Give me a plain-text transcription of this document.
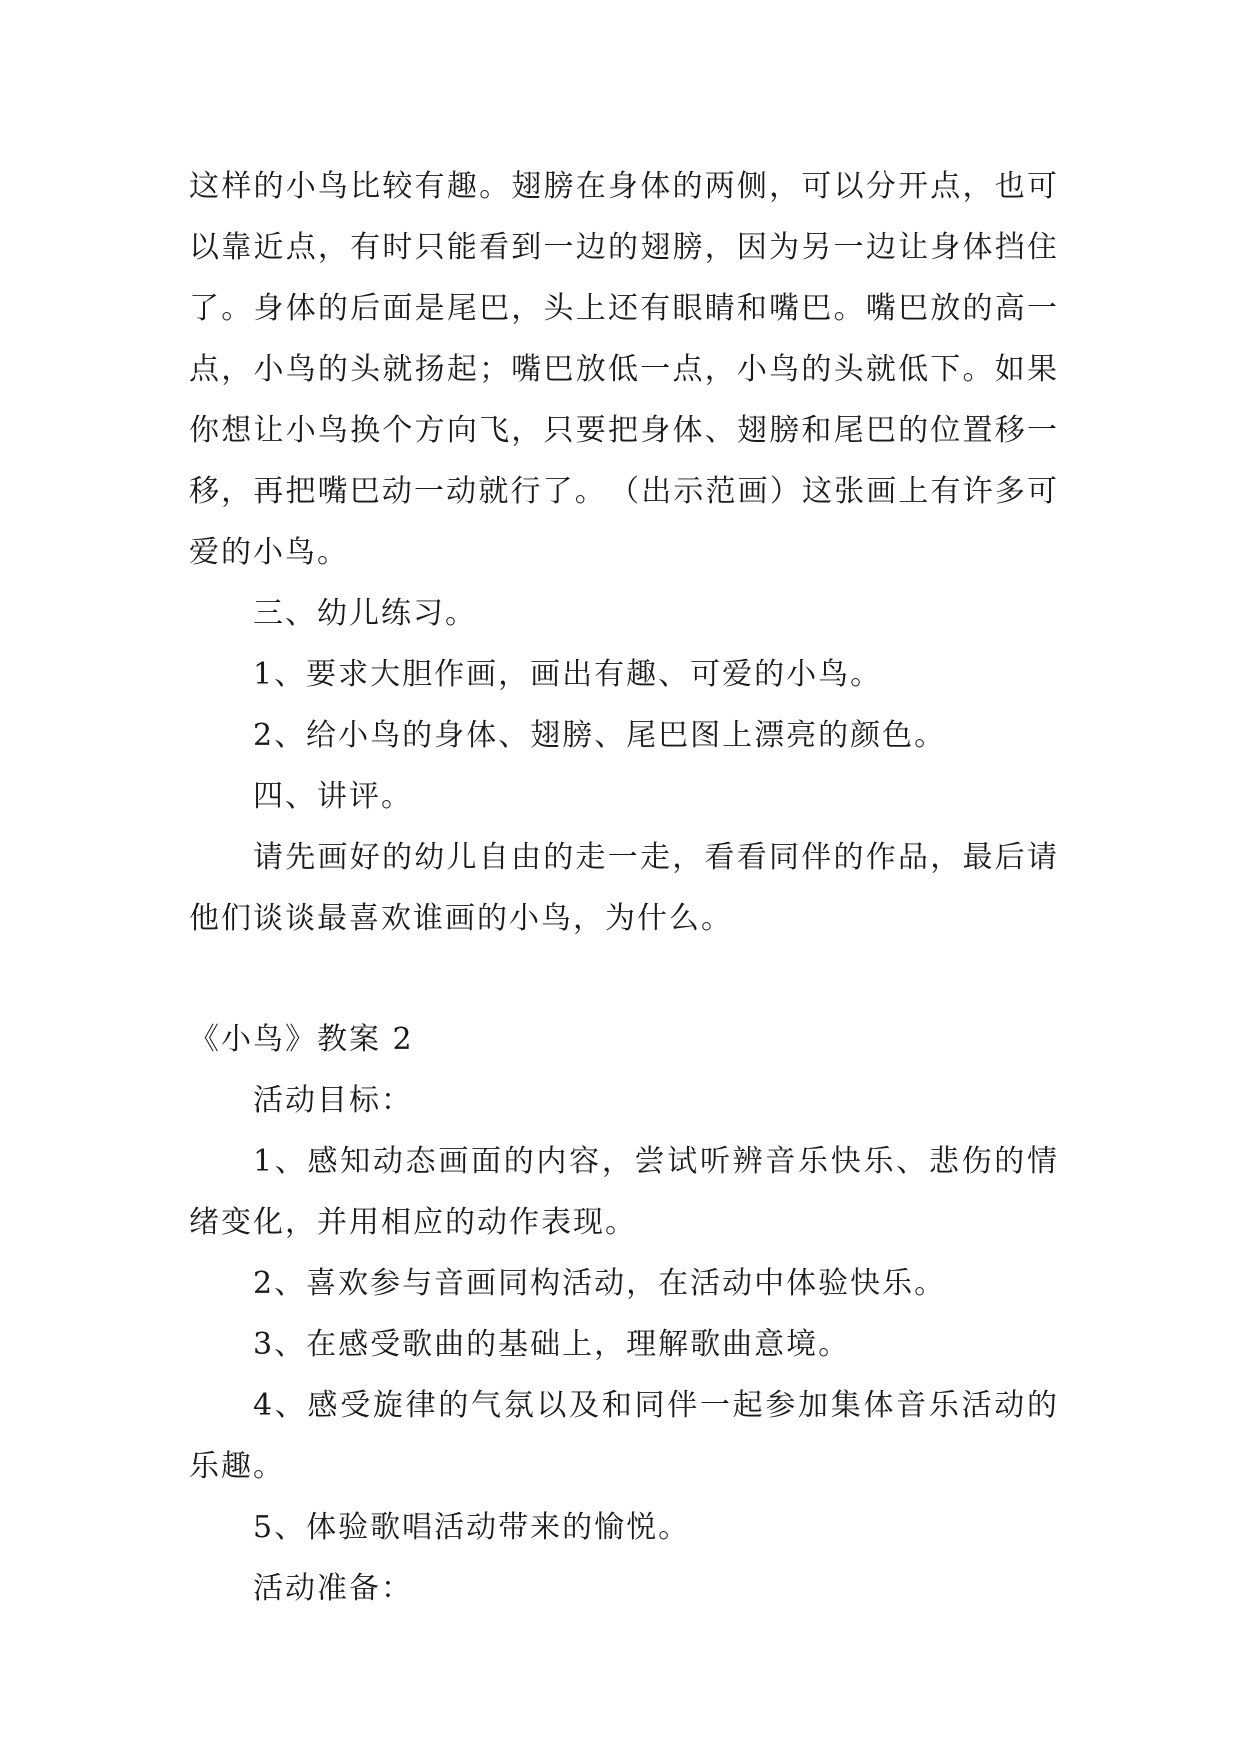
这样的小鸟比较有趣。翅膀在身体的两侧，可以分开点，也可以靠近点，有时只能看到一边的翅膀，因为另一边让身体挡住了。身体的后面是尾巴，头上还有眼睛和嘴巴。嘴巴放的高一点，小鸟的头就扬起；嘴巴放低一点，小鸟的头就低下。如果你想让小鸟换个方向飞，只要把身体、翅膀和尾巴的位置移一移，再把嘴巴动一动就行了。　（出示范画）这张画上有许多可爱的小鸟。

三、幼儿练习。

1、要求大胆作画，画出有趣、可爱的小鸟。

2、给小鸟的身体、翅膀、尾巴图上漂亮的颜色。

四、讲评。

请先画好的幼儿自由的走一走，看看同伴的作品，最后请他们谈谈最喜欢谁画的小鸟，为什么。

《小鸟》教案 2

活动目标：

1、感知动态画面的内容，尝试听辨音乐快乐、悲伤的情绪变化，并用相应的动作表现。

2、喜欢参与音画同构活动，在活动中体验快乐。

3、在感受歌曲的基础上，理解歌曲意境。

4、感受旋律的气氛以及和同伴一起参加集体音乐活动的乐趣。

5、体验歌唱活动带来的愉悦。

活动准备：
